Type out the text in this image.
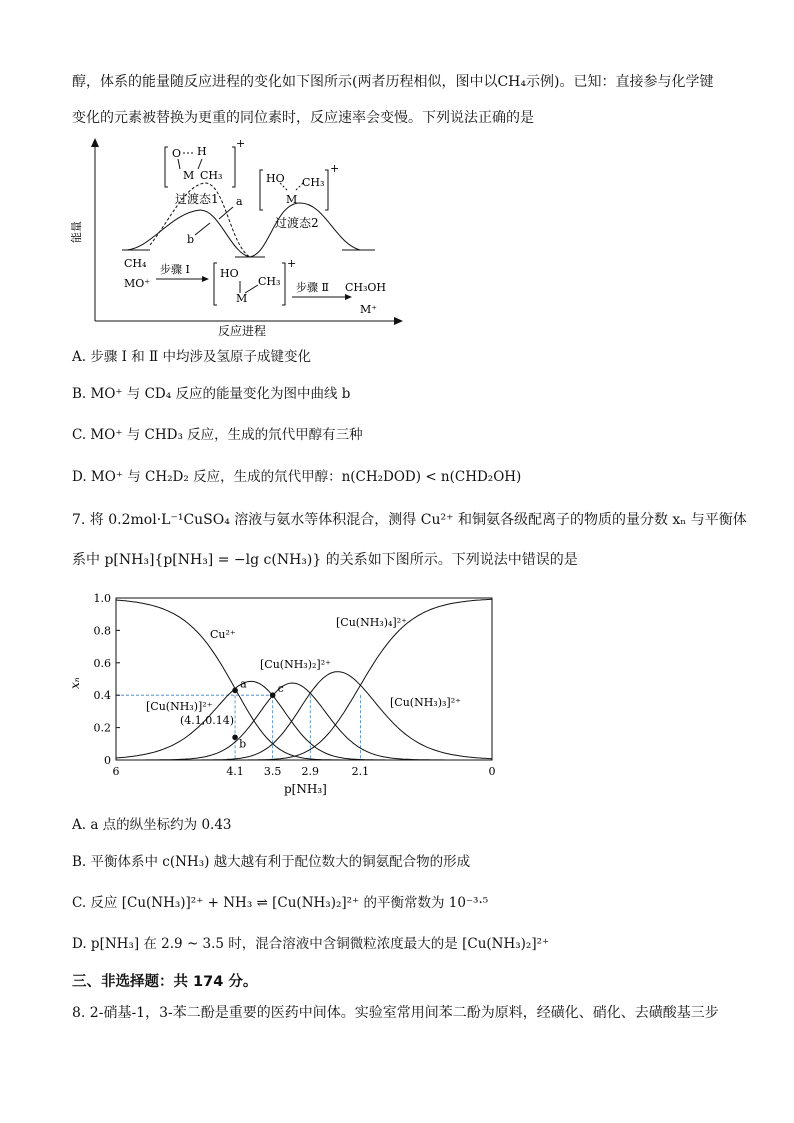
醇，体系的能量随反应进程的变化如下图所示(两者历程相似，图中以CH₄示例)。已知：直接参与化学键
变化的元素被替换为更重的同位素时，反应速率会变慢。下列说法正确的是
能量
反应进程
过渡态1
过渡态2
a
b
O H
M CH₃
+
HO
M
CH₃
+
HO
M
CH₃
+
CH₄
MO⁺	CH₃OH
M⁺
步骤 Ⅰ
步骤 Ⅱ
A. 步骤 Ⅰ 和 Ⅱ 中均涉及氢原子成键变化
B. MO⁺ 与 CD₄ 反应的能量变化为图中曲线 b
C. MO⁺ 与 CHD₃ 反应，生成的氘代甲醇有三种
D. MO⁺ 与 CH₂D₂ 反应，生成的氘代甲醇：n(CH₂DOD) < n(CHD₂OH)
7. 将 0.2mol·L⁻¹CuSO₄ 溶液与氨水等体积混合，测得 Cu²⁺ 和铜氨各级配离子的物质的量分数 xₙ 与平衡体
系中 p[NH₃]{p[NH₃] = −lg c(NH₃)} 的关系如下图所示。下列说法中错误的是
0
0.2
0.4
0.6
0.8
1.0
6	4.1 3.5 2.9	2.1	0
a
b
c
xₙ
p[NH₃]
Cu²⁺
[Cu(NH₃)]²⁺
[Cu(NH₃)₂]²⁺
[Cu(NH₃)₃]²⁺
[Cu(NH₃)₄]²⁺
(4.1,0.14)
A. a 点的纵坐标约为 0.43
B. 平衡体系中 c(NH₃) 越大越有利于配位数大的铜氨配合物的形成
C. 反应 [Cu(NH₃)]²⁺ + NH₃ ⇌ [Cu(NH₃)₂]²⁺ 的平衡常数为 10⁻³·⁵
D. p[NH₃] 在 2.9 ~ 3.5 时，混合溶液中含铜微粒浓度最大的是 [Cu(NH₃)₂]²⁺
三、非选择题：共 174 分。
8. 2-硝基-1，3-苯二酚是重要的医药中间体。实验室常用间苯二酚为原料，经磺化、硝化、去磺酸基三步
